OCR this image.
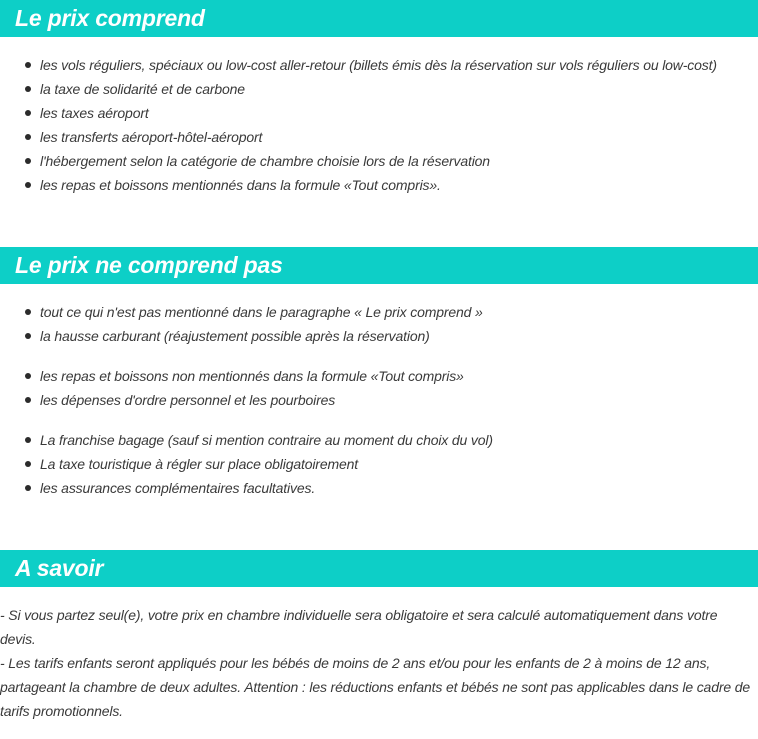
Le prix comprend
les vols réguliers, spéciaux ou low-cost aller-retour (billets émis dès la réservation sur vols réguliers ou low-cost)
la taxe de solidarité et de carbone
les taxes aéroport
les transferts aéroport-hôtel-aéroport
l'hébergement selon la catégorie de chambre choisie lors de la réservation
les repas et boissons mentionnés dans la formule «Tout compris».
Le prix ne comprend pas
tout ce qui n'est pas mentionné dans le paragraphe « Le prix comprend »
la hausse carburant (réajustement possible après la réservation)
les repas et boissons non mentionnés dans la formule «Tout compris»
les dépenses d'ordre personnel et les pourboires
La franchise bagage (sauf si mention contraire au moment du choix du vol)
La taxe touristique à régler sur place obligatoirement
les assurances complémentaires facultatives.
A savoir

- Si vous partez seul(e), votre prix en chambre individuelle sera obligatoire et sera calculé automatiquement dans votre devis.

- Les tarifs enfants seront appliqués pour les bébés de moins de 2 ans et/ou pour les enfants de 2 à moins de 12 ans, partageant la chambre de deux adultes. Attention : les réductions enfants et bébés ne sont pas applicables dans le cadre de tarifs promotionnels.
